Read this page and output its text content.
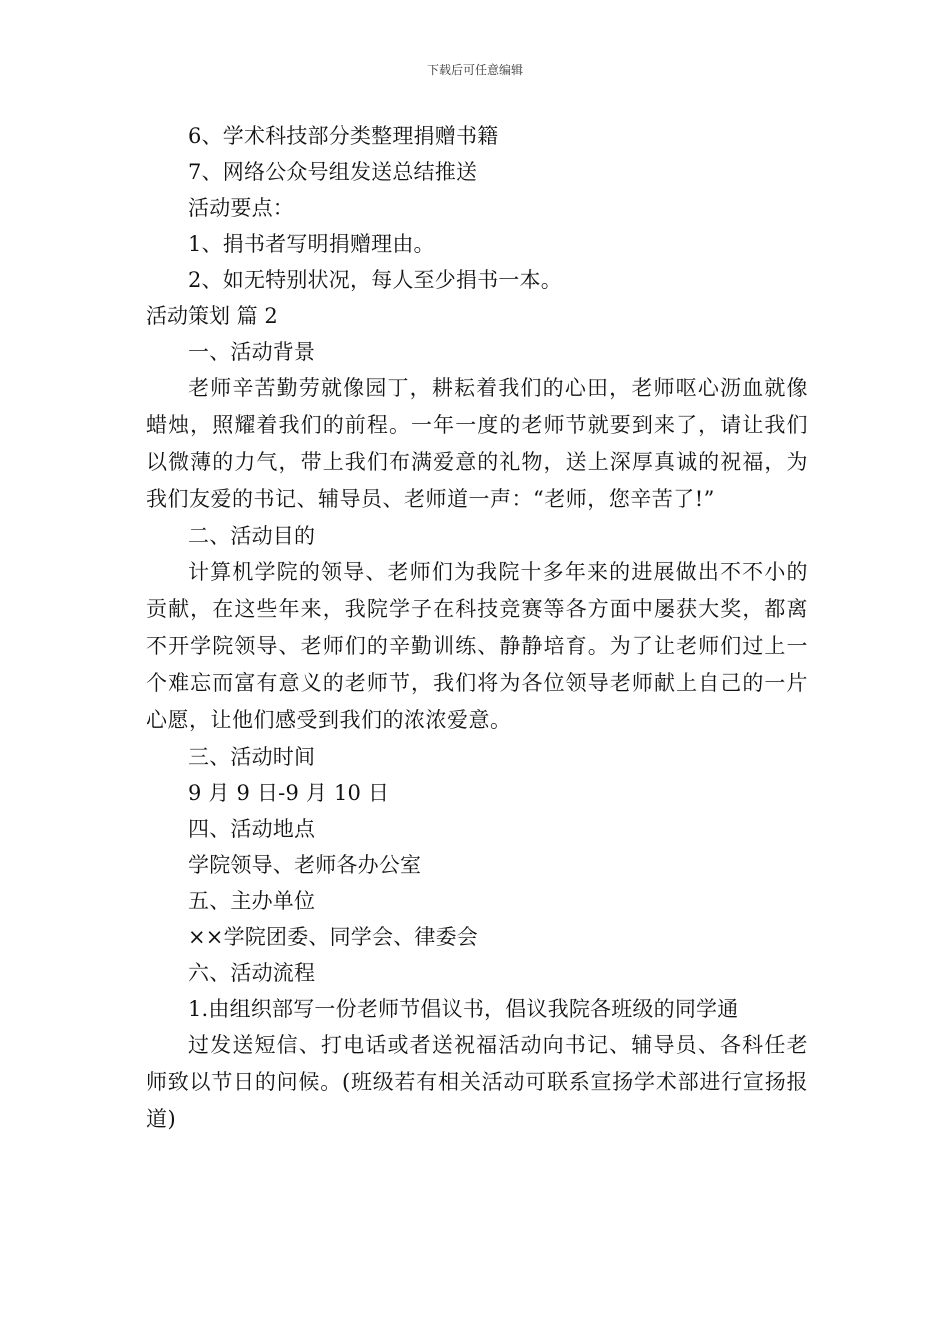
下载后可任意编辑
6、学术科技部分类整理捐赠书籍
7、网络公众号组发送总结推送
活动要点：
1、捐书者写明捐赠理由。
2、如无特别状况，每人至少捐书一本。
活动策划 篇 2
一、活动背景
老师辛苦勤劳就像园丁，耕耘着我们的心田，老师呕心沥血就像蜡烛，照耀着我们的前程。一年一度的老师节就要到来了，请让我们以微薄的力气，带上我们布满爱意的礼物，送上深厚真诚的祝福，为我们友爱的书记、辅导员、老师道一声：“老师，您辛苦了!”
二、活动目的
计算机学院的领导、老师们为我院十多年来的进展做出不不小的贡献，在这些年来，我院学子在科技竞赛等各方面中屡获大奖，都离不开学院领导、老师们的辛勤训练、静静培育。为了让老师们过上一个难忘而富有意义的老师节，我们将为各位领导老师献上自己的一片心愿，让他们感受到我们的浓浓爱意。
三、活动时间
9 月 9 日-9 月 10 日
四、活动地点
学院领导、老师各办公室
五、主办单位
××学院团委、同学会、律委会
六、活动流程
1.由组织部写一份老师节倡议书，倡议我院各班级的同学通
过发送短信、打电话或者送祝福活动向书记、辅导员、各科任老师致以节日的问候。(班级若有相关活动可联系宣扬学术部进行宣扬报道)
